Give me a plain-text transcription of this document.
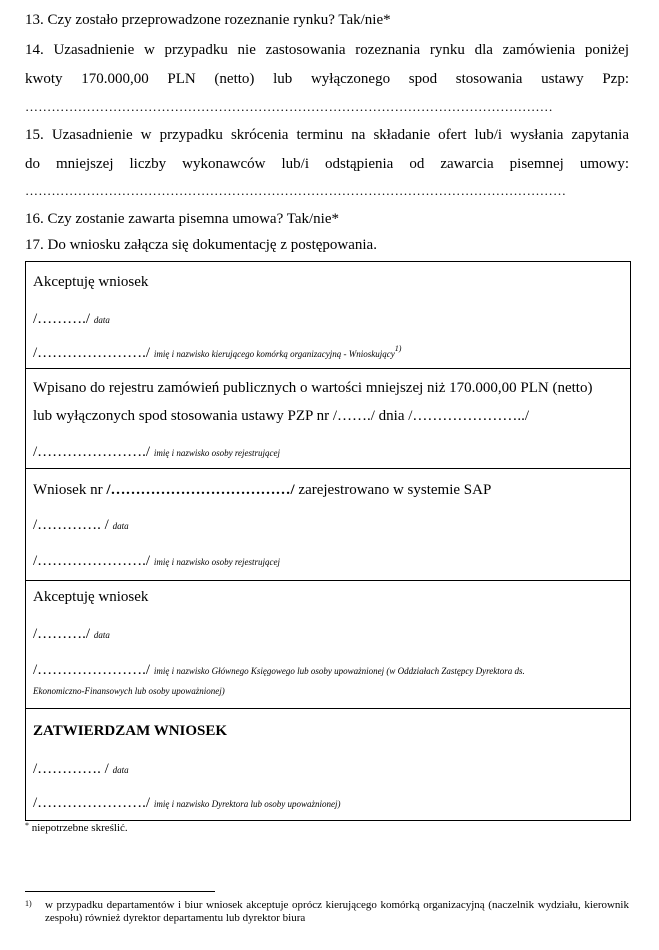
13. Czy zostało przeprowadzone rozeznanie rynku? Tak/nie*
14. Uzasadnienie w przypadku nie zastosowania rozeznania rynku dla zamówienia poniżej
kwoty 170.000,00 PLN (netto) lub wyłączonego spod stosowania ustawy Pzp:
…………………………………………………………………………………………………………
15. Uzasadnienie w przypadku skrócenia terminu na składanie ofert lub/i wysłania zapytania
do mniejszej liczby wykonawców lub/i odstąpienia od zawarcia pisemnej umowy:
……………………………………………………………………………………………………………
16. Czy zostanie zawarta pisemna umowa? Tak/nie*
17. Do wniosku załącza się dokumentację z postępowania.
Akceptuję wniosek
/………./ data
/…………………./ imię i nazwisko kierującego komórką organizacyjną - Wnioskujący$^{1)}$
Wpisano do rejestru zamówień publicznych o wartości mniejszej niż 170.000,00 PLN (netto)
lub wyłączonych spod stosowania ustawy PZP nr /……./ dnia /…………………../
/…………………./ imię i nazwisko osoby rejestrującej
Wniosek nr /………………………………/ zarejestrowano w systemie SAP
/…………. / data
/…………………./ imię i nazwisko osoby rejestrującej
Akceptuję wniosek
/………./ data
/…………………./ imię i nazwisko Głównego Księgowego lub osoby upoważnionej (w Oddziałach Zastępcy Dyrektora ds.
Ekonomiczno-Finansowych lub osoby upoważnionej)
ZATWIERDZAM WNIOSEK
/…………. / data
/…………………./ imię i nazwisko Dyrektora lub osoby upoważnionej)
* niepotrzebne skreślić.
1)	w przypadku departamentów i biur wniosek akceptuje oprócz kierującego komórką organizacyjną (naczelnik wydziału, kierownik zespołu) również dyrektor departamentu lub dyrektor biura
